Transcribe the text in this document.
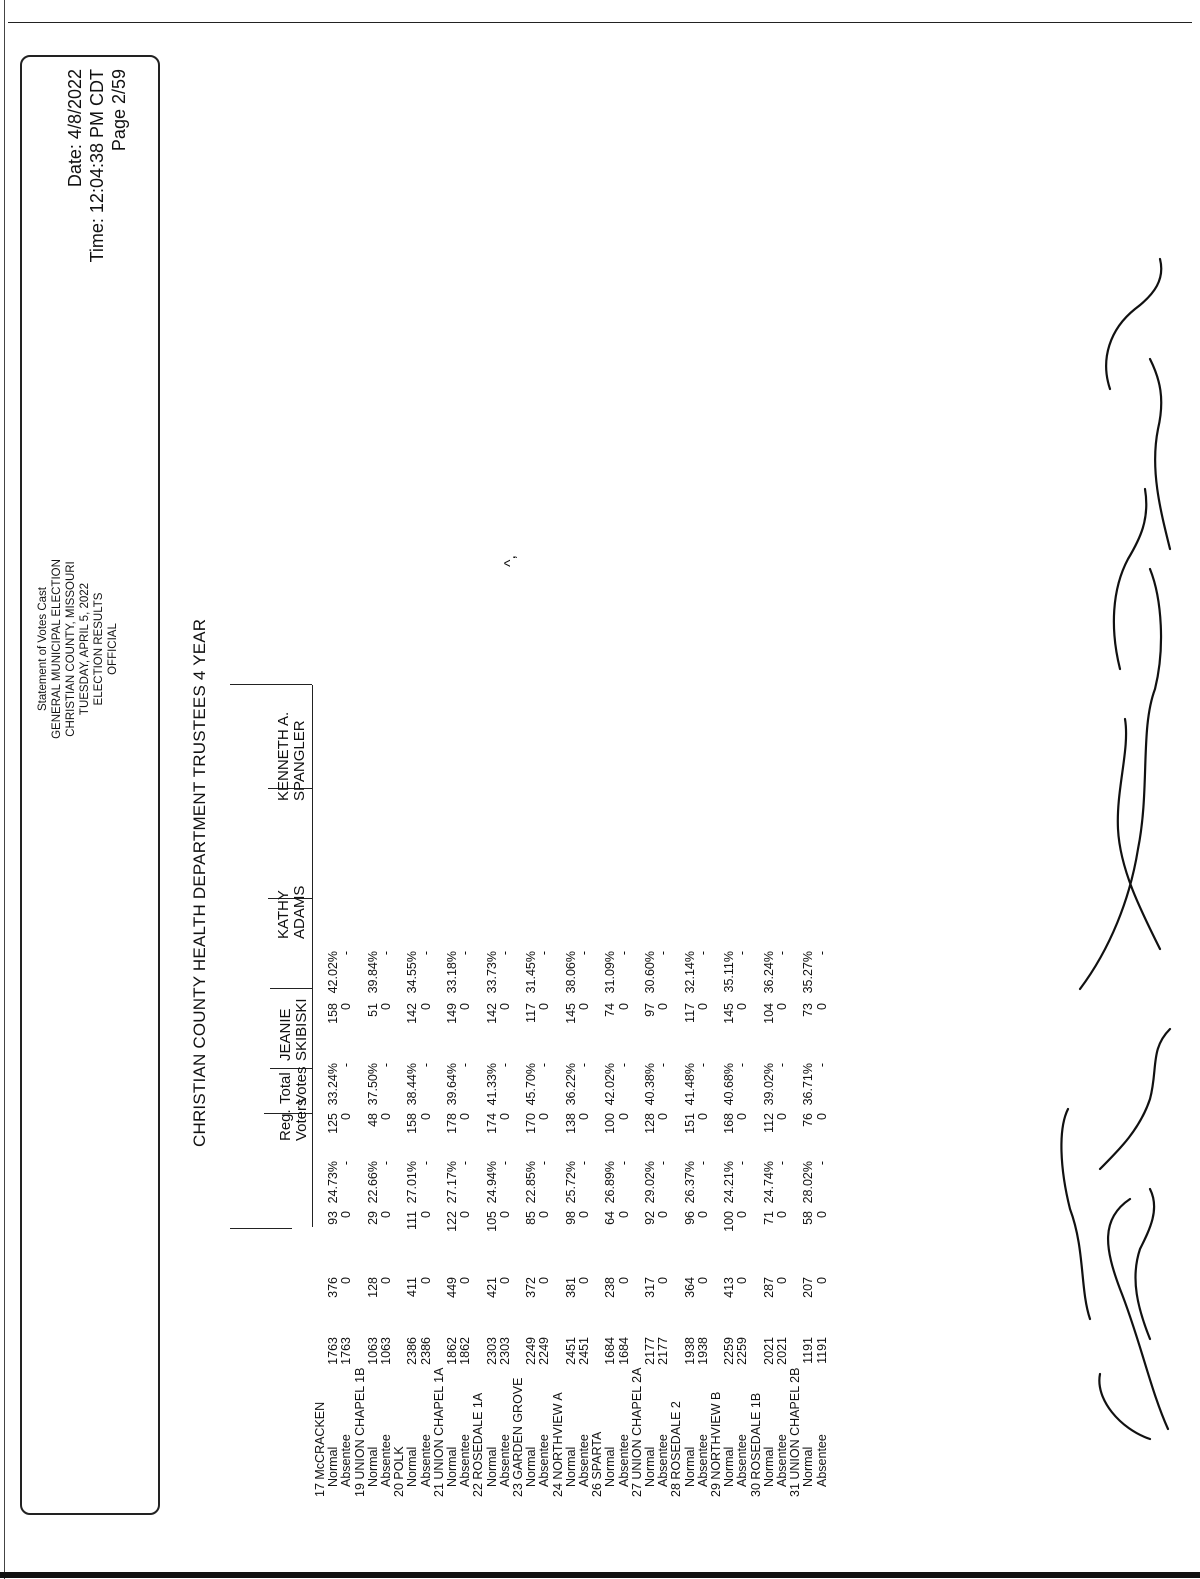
Statement of Votes Cast GENERAL MUNICIPAL ELECTION CHRISTIAN COUNTY, MISSOURI TUESDAY, APRIL 5, 2022 ELECTION RESULTS OFFICIAL
Date: 4/8/2022 Time: 12:04:38 PM CDT Page 2/59
CHRISTIAN COUNTY HEALTH DEPARTMENT TRUSTEES 4 YEAR	Reg. Voters
Total Votes
JEANIE SKIBISKI
KATHY ADAMS
KENNETH A. SPANGLER
17 McCRACKEN Normal
1763
376
93
24.73%
125
33.24%
158
42.02%
Absentee
1763
0
0
-
0
-
0
-
19 UNION CHAPEL 1B Normal
1063
128
29
22.66%
48
37.50%
51
39.84%
Absentee
1063
0
0
-
0
-
0
-
20 POLK Normal
2386
411
111
27.01%
158
38.44%
142
34.55%
Absentee
2386
0
0
-
0
-
0
-
21 UNION CHAPEL 1A Normal
1862
449
122
27.17%
178
39.64%
149
33.18%
Absentee
1862
0
0
-
0
-
0
-
22 ROSEDALE 1A Normal
2303
421
105
24.94%
174
41.33%
142
33.73%
Absentee
2303
0
0
-
0
-
0
-
23 GARDEN GROVE Normal
2249
372
85
22.85%
170
45.70%
117
31.45%
Absentee
2249
0
0
-
0
-
0
-
24 NORTHVIEW A Normal
2451
381
98
25.72%
138
36.22%
145
38.06%
Absentee
2451
0
0
-
0
-
0
-
26 SPARTA Normal
1684
238
64
26.89%
100
42.02%
74
31.09%
Absentee
1684
0
0
-
0
-
0
-
27 UNION CHAPEL 2A Normal
2177
317
92
29.02%
128
40.38%
97
30.60%
Absentee
2177
0
0
-
0
-
0
-
28 ROSEDALE 2 Normal
1938
364
96
26.37%
151
41.48%
117
32.14%
Absentee
1938
0
0
-
0
-
0
-
29 NORTHVIEW B Normal
2259
413
100
24.21%
168
40.68%
145
35.11%
Absentee
2259
0
0
-
0
-
0
-
30 ROSEDALE 1B Normal
2021
287
71
24.74%
112
39.02%
104
36.24%
Absentee
2021
0
0
-
0
-
0
-
31 UNION CHAPEL 2B Normal
1191
207
58
28.02%
76
36.71%
73
35.27%
Absentee
1191
0
0
-
0
-
0
-
^,
